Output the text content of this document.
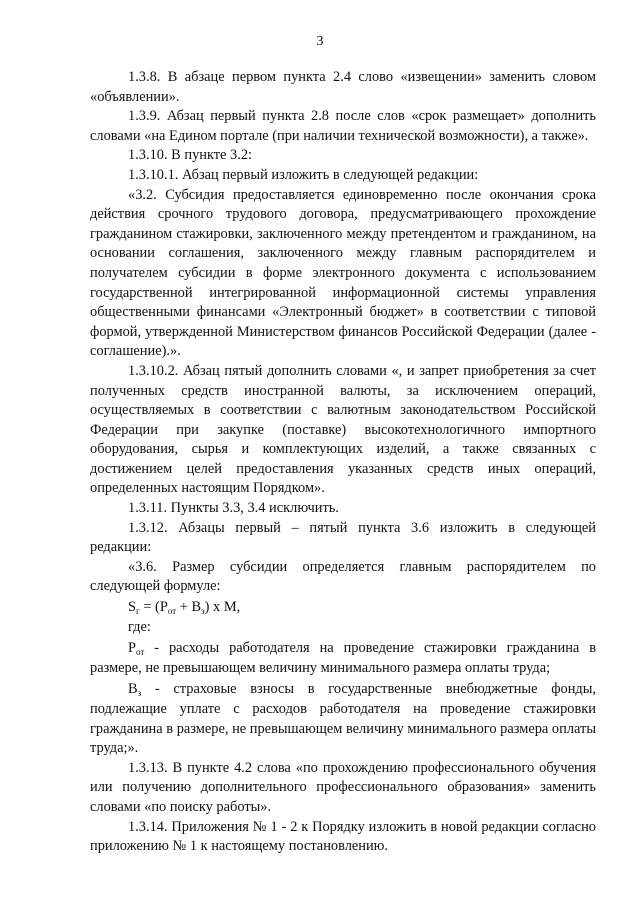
3

1.3.8. В абзаце первом пункта 2.4 слово «извещении» заменить словом «объявлении».

1.3.9. Абзац первый пункта 2.8 после слов «срок размещает» дополнить словами «на Едином портале (при наличии технической возможности), а также».

1.3.10. В пункте 3.2:

1.3.10.1. Абзац первый изложить в следующей редакции:

«3.2. Субсидия предоставляется единовременно после окончания срока действия срочного трудового договора, предусматривающего прохождение гражданином стажировки, заключенного между претендентом и гражданином, на основании соглашения, заключенного между главным распорядителем и получателем субсидии в форме электронного документа с использованием государственной интегрированной информационной системы управления общественными финансами «Электронный бюджет» в соответствии с типовой формой, утвержденной Министерством финансов Российской Федерации (далее - соглашение).».

1.3.10.2. Абзац пятый дополнить словами «, и запрет приобретения за счет полученных средств иностранной валюты, за исключением операций, осуществляемых в соответствии с валютным законодательством Российской Федерации при закупке (поставке) высокотехнологичного импортного оборудования, сырья и комплектующих изделий, а также связанных с достижением целей предоставления указанных средств иных операций, определенных настоящим Порядком».

1.3.11. Пункты 3.3, 3.4 исключить.

1.3.12. Абзацы первый – пятый пункта 3.6 изложить в следующей редакции:

«3.6. Размер субсидии определяется главным распорядителем по следующей формуле:

$S_г = (P_{от} + B_з)$ х М,

где:

$P_{от}$ - расходы работодателя на проведение стажировки гражданина в размере, не превышающем величину минимального размера оплаты труда;

$B_з$ - страховые взносы в государственные внебюджетные фонды, подлежащие уплате с расходов работодателя на проведение стажировки гражданина в размере, не превышающем величину минимального размера оплаты труда;».

1.3.13. В пункте 4.2 слова «по прохождению профессионального обучения или получению дополнительного профессионального образования» заменить словами «по поиску работы».

1.3.14. Приложения № 1 - 2 к Порядку изложить в новой редакции согласно приложению № 1 к настоящему постановлению.
